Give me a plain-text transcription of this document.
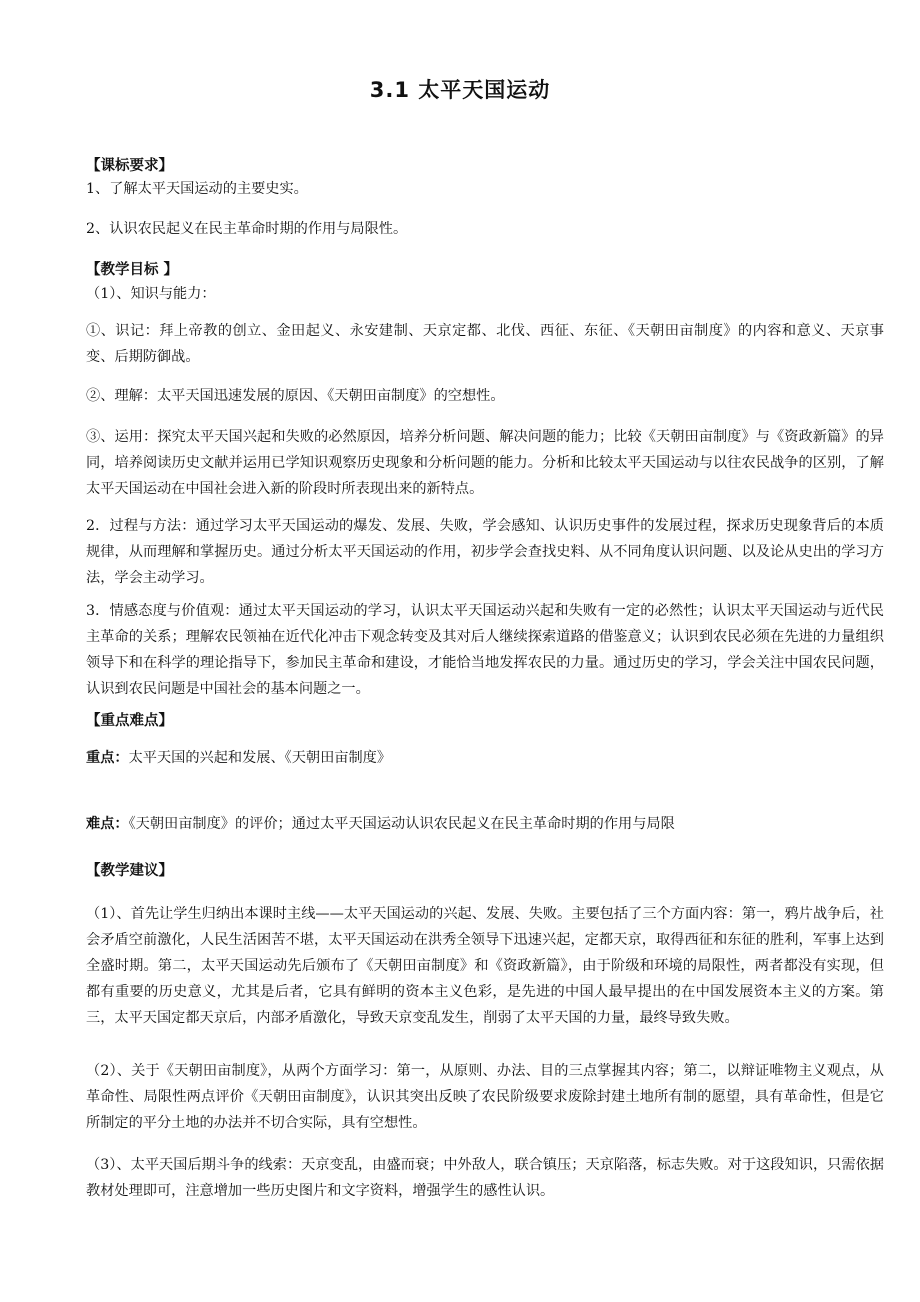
3.1 太平天国运动
【课标要求】
1、了解太平天国运动的主要史实。
2、认识农民起义在民主革命时期的作用与局限性。
【教学目标 】
（1）、知识与能力：
①、识记：拜上帝教的创立、金田起义、永安建制、天京定都、北伐、西征、东征、《天朝田亩制度》的内容和意义、天京事变、后期防御战。
②、理解：太平天国迅速发展的原因、《天朝田亩制度》的空想性。
③、运用：探究太平天国兴起和失败的必然原因，培养分析问题、解决问题的能力；比较《天朝田亩制度》与《资政新篇》的异同，培养阅读历史文献并运用已学知识观察历史现象和分析问题的能力。分析和比较太平天国运动与以往农民战争的区别，了解太平天国运动在中国社会进入新的阶段时所表现出来的新特点。
2．过程与方法：通过学习太平天国运动的爆发、发展、失败，学会感知、认识历史事件的发展过程，探求历史现象背后的本质规律，从而理解和掌握历史。通过分析太平天国运动的作用，初步学会查找史料、从不同角度认识问题、以及论从史出的学习方法，学会主动学习。
3．情感态度与价值观：通过太平天国运动的学习，认识太平天国运动兴起和失败有一定的必然性；认识太平天国运动与近代民主革命的关系；理解农民领袖在近代化冲击下观念转变及其对后人继续探索道路的借鉴意义；认识到农民必须在先进的力量组织领导下和在科学的理论指导下，参加民主革命和建设，才能恰当地发挥农民的力量。通过历史的学习，学会关注中国农民问题，认识到农民问题是中国社会的基本问题之一。
【重点难点】
重点：太平天国的兴起和发展、《天朝田亩制度》
难点：《天朝田亩制度》的评价；通过太平天国运动认识农民起义在民主革命时期的作用与局限
【教学建议】
（1）、首先让学生归纳出本课时主线——太平天国运动的兴起、发展、失败。主要包括了三个方面内容：第一，鸦片战争后，社会矛盾空前激化，人民生活困苦不堪，太平天国运动在洪秀全领导下迅速兴起，定都天京，取得西征和东征的胜利，军事上达到全盛时期。第二，太平天国运动先后颁布了《天朝田亩制度》和《资政新篇》，由于阶级和环境的局限性，两者都没有实现，但都有重要的历史意义，尤其是后者，它具有鲜明的资本主义色彩，是先进的中国人最早提出的在中国发展资本主义的方案。第三，太平天国定都天京后，内部矛盾激化，导致天京变乱发生，削弱了太平天国的力量，最终导致失败。
（2）、关于《天朝田亩制度》，从两个方面学习：第一，从原则、办法、目的三点掌握其内容；第二，以辩证唯物主义观点，从革命性、局限性两点评价《天朝田亩制度》，认识其突出反映了农民阶级要求废除封建土地所有制的愿望，具有革命性，但是它所制定的平分土地的办法并不切合实际，具有空想性。
（3）、太平天国后期斗争的线索：天京变乱，由盛而衰；中外敌人，联合镇压；天京陷落，标志失败。对于这段知识，只需依据教材处理即可，注意增加一些历史图片和文字资料，增强学生的感性认识。
